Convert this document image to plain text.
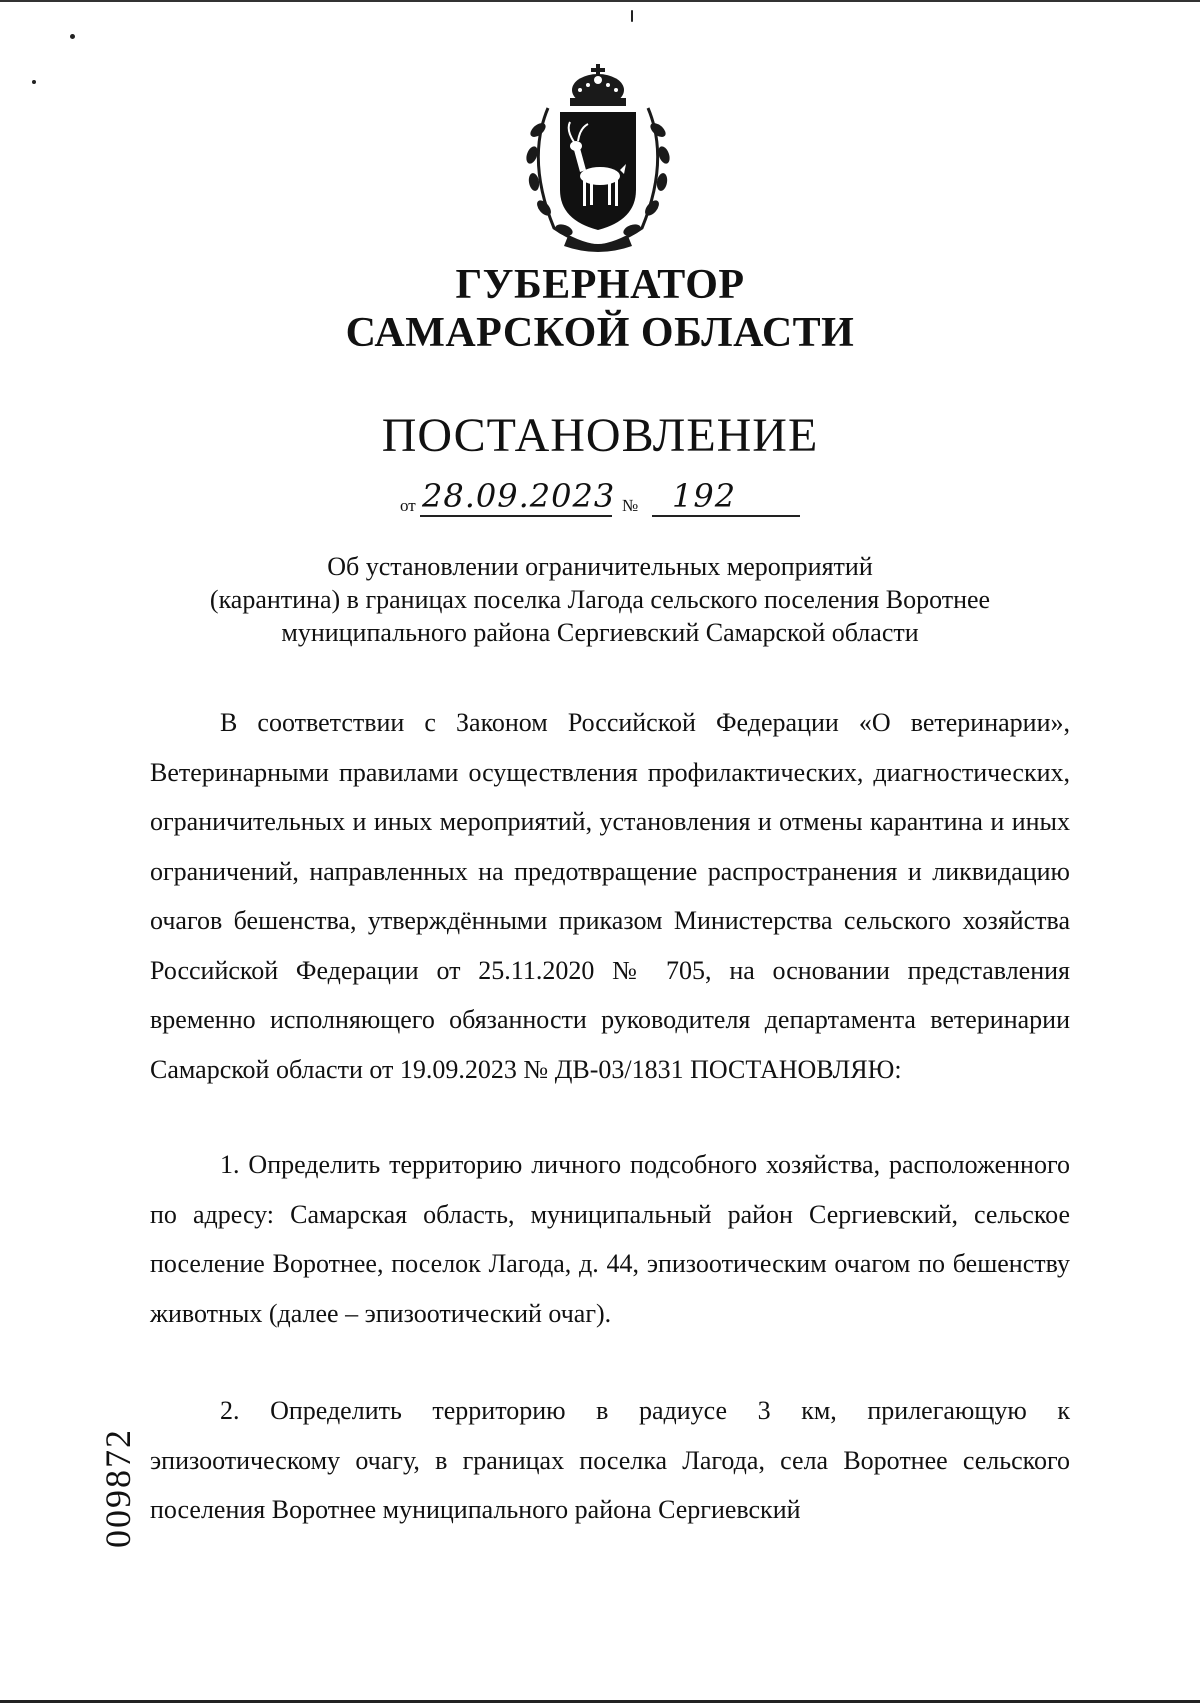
ГУБЕРНАТОР
САМАРСКОЙ ОБЛАСТИ
ПОСТАНОВЛЕНИЕ
от 28.09.2023 № 192
Об установлении ограничительных мероприятий
(карантина) в границах поселка Лагода сельского поселения Воротнее
муниципального района Сергиевский Самарской области

В соответствии с Законом Российской Федерации «О ветеринарии», Ветеринарными правилами осуществления профилактических, диагностических, ограничительных и иных мероприятий, установления и отмены карантина и иных ограничений, направленных на предотвращение распространения и ликвидацию очагов бешенства, утверждёнными приказом Министерства сельского хозяйства Российской Федерации от 25.11.2020 № 705, на основании представления временно исполняющего обязанности руководителя департамента ветеринарии Самарской области от 19.09.2023 № ДВ-03/1831 ПОСТАНОВЛЯЮ:

1. Определить территорию личного подсобного хозяйства, расположенного по адресу: Самарская область, муниципальный район Сергиевский, сельское поселение Воротнее, поселок Лагода, д. 44, эпизоотическим очагом по бешенству животных (далее – эпизоотический очаг).

2. Определить территорию в радиусе 3 км, прилегающую к эпизоотическому очагу, в границах поселка Лагода, села Воротнее сельского поселения Воротнее муниципального района Сергиевский

009872
